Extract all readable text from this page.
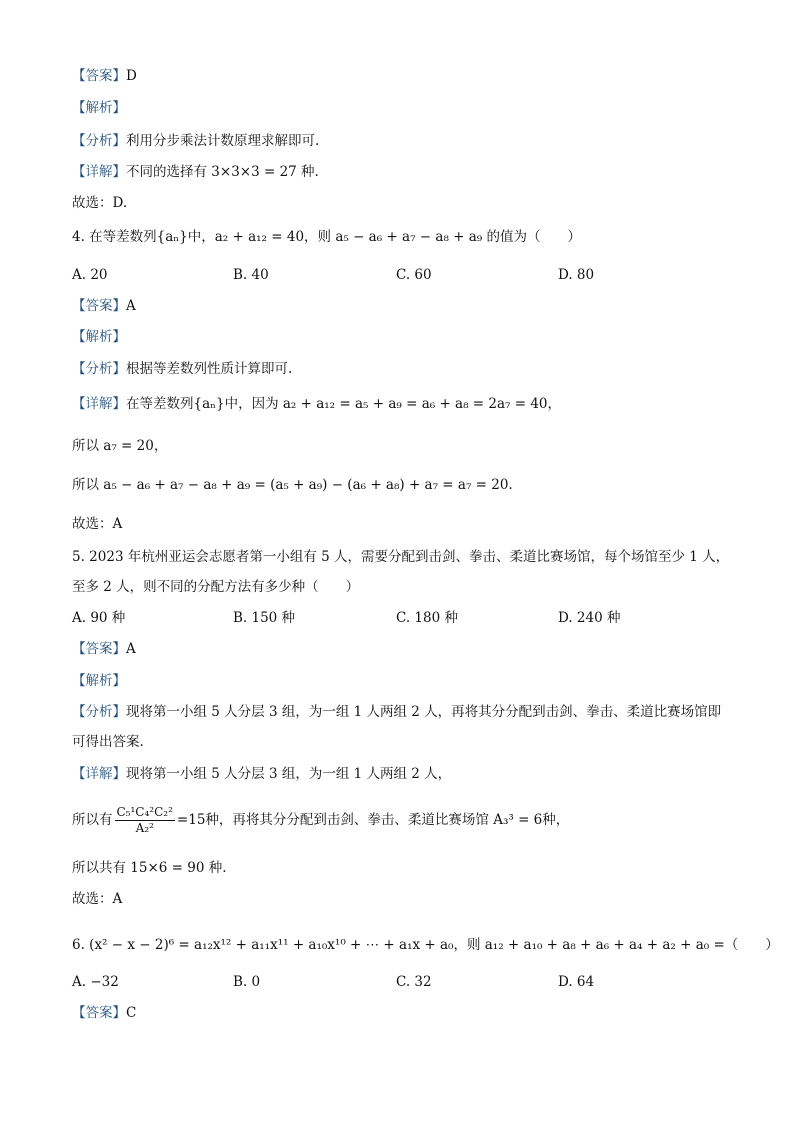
【答案】D
【解析】
【分析】利用分步乘法计数原理求解即可.
【详解】不同的选择有 3×3×3 = 27 种.
故选：D.
4. 在等差数列{aₙ}中，a₂ + a₁₂ = 40，则 a₅ − a₆ + a₇ − a₈ + a₉ 的值为（　　）
A. 20	B. 40	C. 60	D. 80
【答案】A
【解析】
【分析】根据等差数列性质计算即可.
【详解】在等差数列{aₙ}中，因为 a₂ + a₁₂ = a₅ + a₉ = a₆ + a₈ = 2a₇ = 40，
所以 a₇ = 20，
所以 a₅ − a₆ + a₇ − a₈ + a₉ = (a₅ + a₉) − (a₆ + a₈) + a₇ = a₇ = 20.
故选：A
5. 2023 年杭州亚运会志愿者第一小组有 5 人，需要分配到击剑、拳击、柔道比赛场馆，每个场馆至少 1 人，
至多 2 人，则不同的分配方法有多少种（　　）
A. 90 种	B. 150 种	C. 180 种	D. 240 种
【答案】A
【解析】
【分析】现将第一小组 5 人分层 3 组，为一组 1 人两组 2 人，再将其分分配到击剑、拳击、柔道比赛场馆即
可得出答案.
【详解】现将第一小组 5 人分层 3 组，为一组 1 人两组 2 人，
所以有 $\frac{\text{C₅¹C₄²C₂²}}{\text{A₂²}} =15$种，再将其分分配到击剑、拳击、柔道比赛场馆 A₃³ = 6种，
所以共有 15×6 = 90 种.
故选：A
6. (x² − x − 2)⁶ = a₁₂x¹² + a₁₁x¹¹ + a₁₀x¹⁰ + ⋯ + a₁x + a₀，则 a₁₂ + a₁₀ + a₈ + a₆ + a₄ + a₂ + a₀ =（　　）
A. −32	B. 0	C. 32	D. 64
【答案】C
